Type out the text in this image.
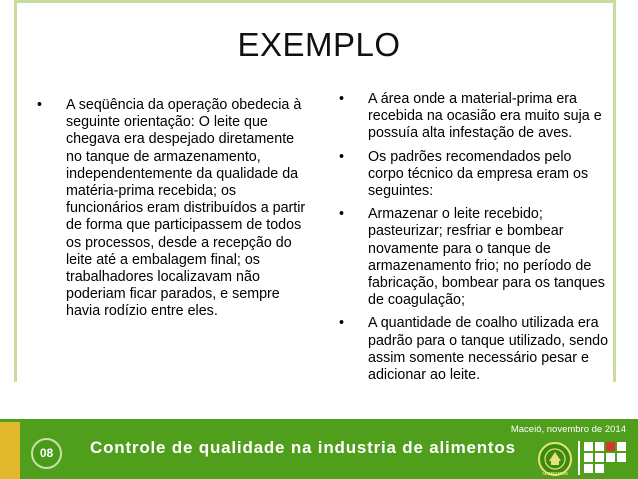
EXEMPLO
• A seqüência da operação obedecia à seguinte orientação: O leite que chegava era despejado diretamente no tanque de armazenamento, independentemente da qualidade da matéria-prima recebida; os funcionários eram distribuídos a partir de forma que participassem de todos os processos, desde a recepção do leite até a embalagem final; os trabalhadores localizavam não poderiam ficar parados, e sempre havia rodízio entre eles.
• A área onde a material-prima era recebida na ocasião era muito suja e possuía alta infestação de aves.
• Os padrões recomendados pelo corpo técnico da empresa eram os seguintes:
• Armazenar o leite recebido; pasteurizar; resfriar e bombear novamente para o tanque de armazenamento frio; no período de fabricação, bombear para os tanques de coagulação;
• A quantidade de coalho utilizada era padrão para o tanque utilizado, sendo assim somente necessário pesar e adicionar ao leite.
08	Controle de qualidade na industria de alimentos
Maceió, novembro de 2014
ALIMENTOS
